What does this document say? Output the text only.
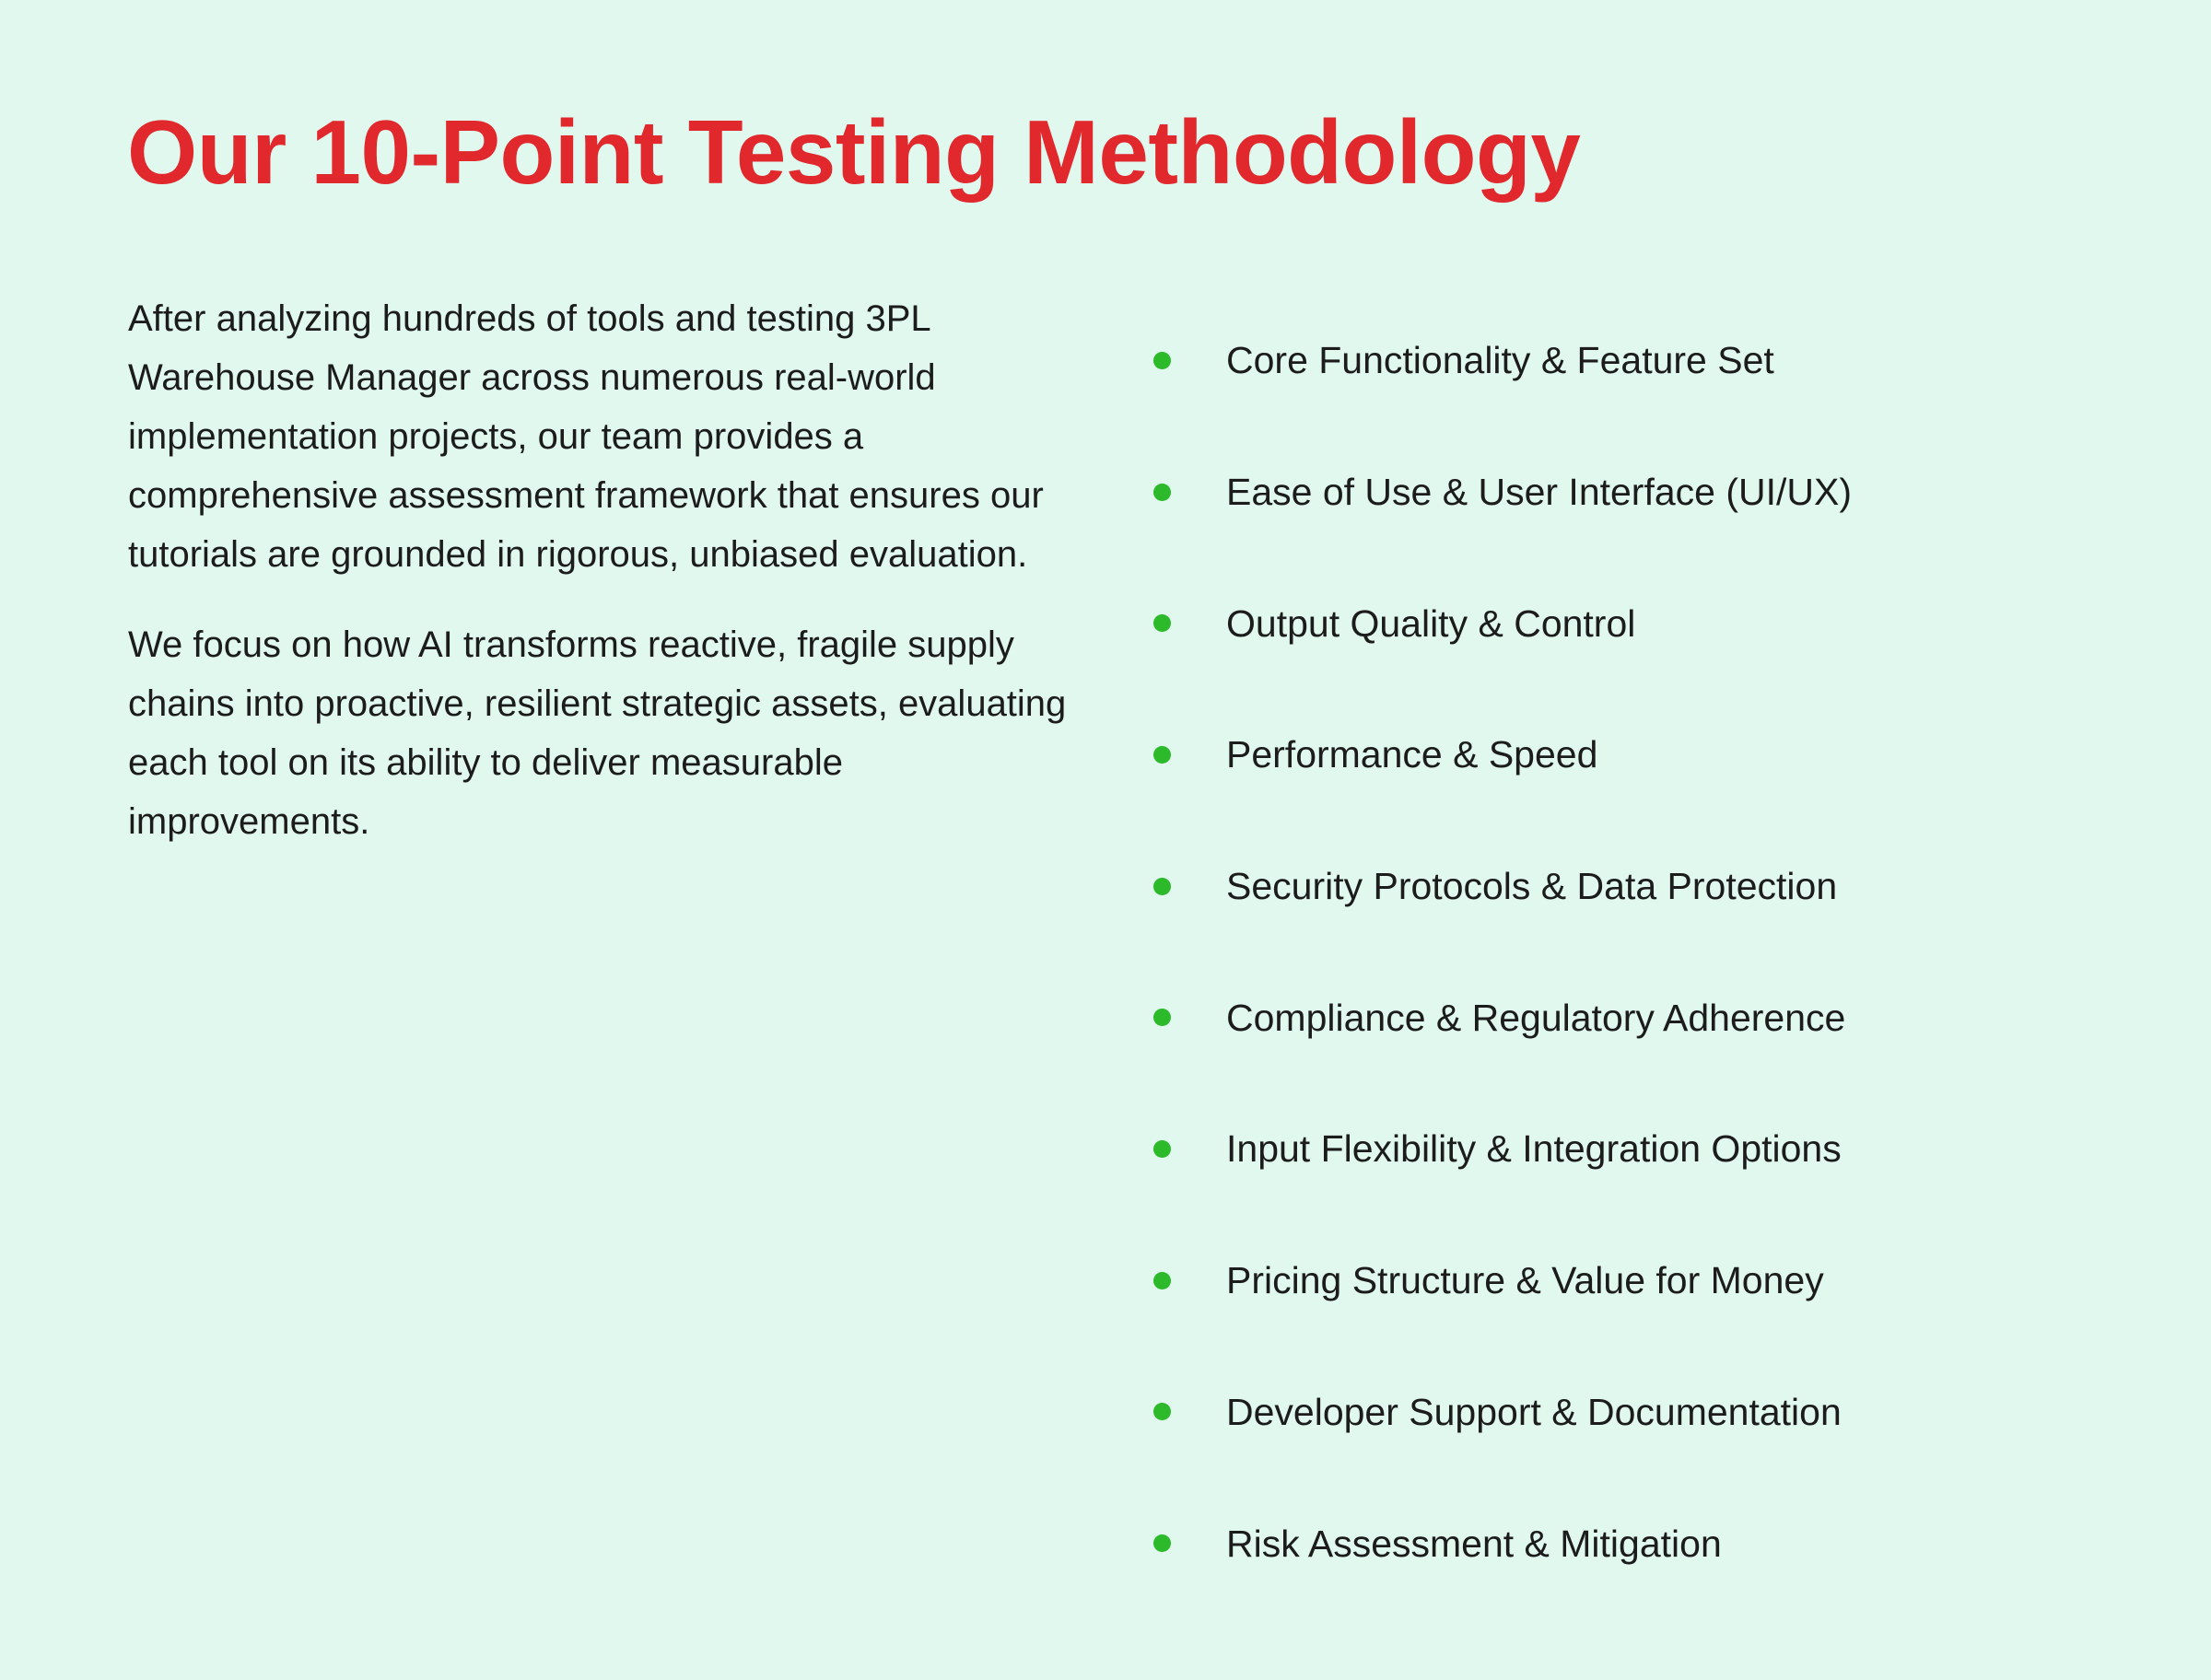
Our 10-Point Testing Methodology

After analyzing hundreds of tools and testing 3PL Warehouse Manager across numerous real-world implementation projects, our team provides a comprehensive assessment framework that ensures our tutorials are grounded in rigorous, unbiased evaluation.

We focus on how AI transforms reactive, fragile supply chains into proactive, resilient strategic assets, evaluating each tool on its ability to deliver measurable improvements.

Core Functionality & Feature Set
Ease of Use & User Interface (UI/UX)
Output Quality & Control
Performance & Speed
Security Protocols & Data Protection
Compliance & Regulatory Adherence
Input Flexibility & Integration Options
Pricing Structure & Value for Money
Developer Support & Documentation
Risk Assessment & Mitigation
